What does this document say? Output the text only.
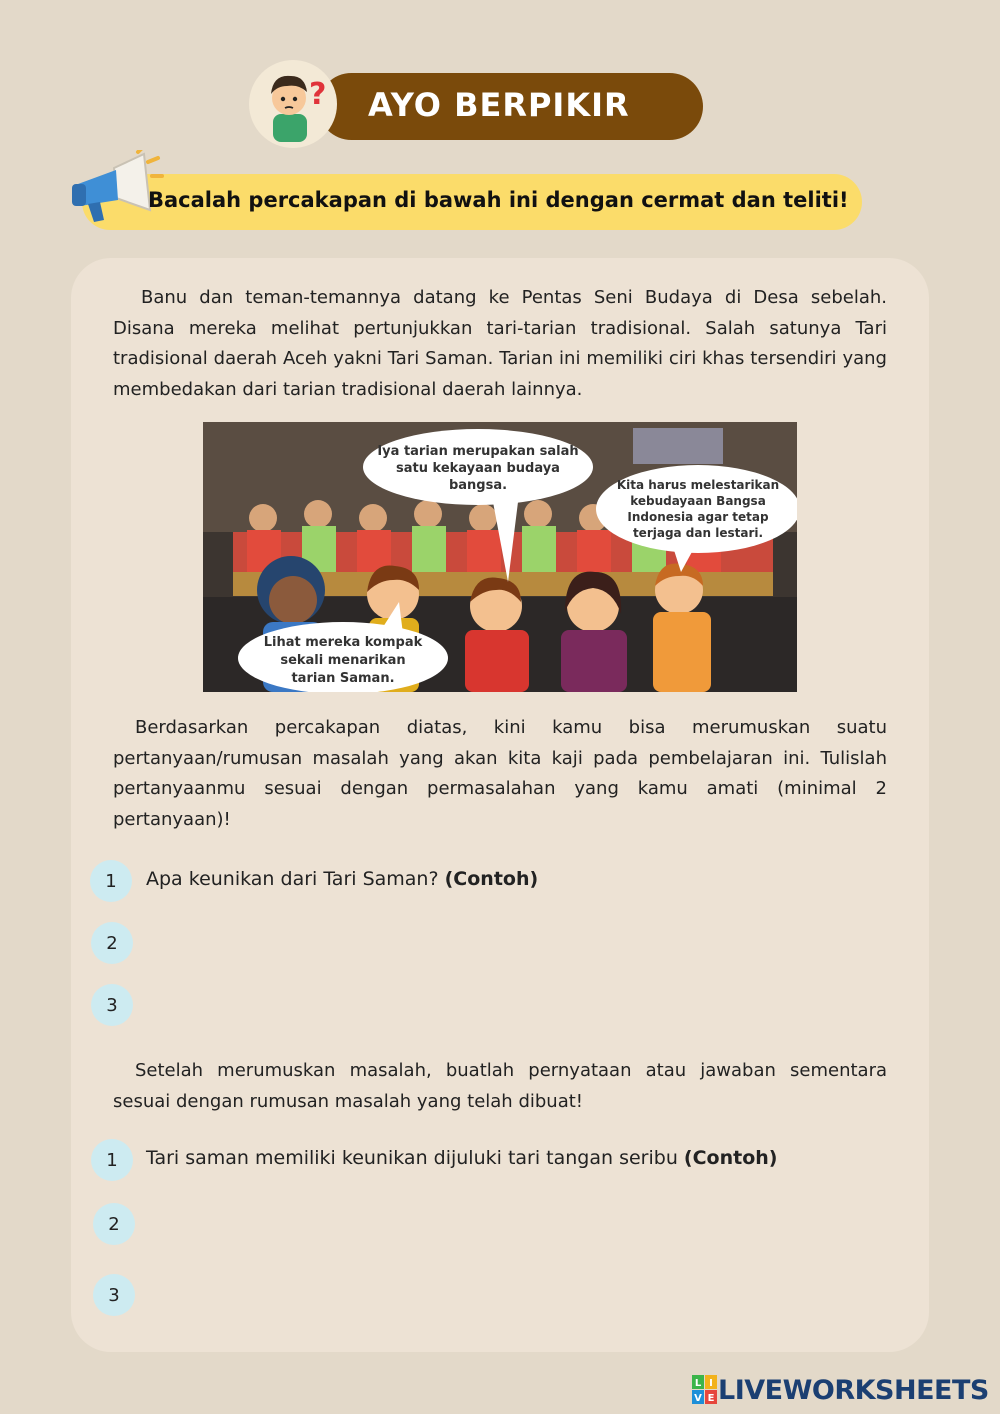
AYO BERPIKIR
?
Bacalah percakapan di bawah ini dengan cermat dan teliti!
Banu dan teman-temannya datang ke Pentas Seni Budaya di Desa sebelah. Disana mereka melihat pertunjukkan tari-tarian tradisional. Salah satunya Tari tradisional daerah Aceh yakni Tari Saman. Tarian ini memiliki ciri khas tersendiri yang membedakan dari tarian tradisional daerah lainnya.
Iya tarian merupakan salah
satu kekayaan budaya
bangsa.	Kita harus melestarikan
kebudayaan Bangsa
Indonesia agar tetap
terjaga dan lestari.
Lihat mereka kompak
sekali menarikan
tarian Saman.
Berdasarkan percakapan diatas, kini kamu bisa merumuskan suatu pertanyaan/rumusan masalah yang akan kita kaji pada pembelajaran ini. Tulislah pertanyaanmu sesuai dengan permasalahan yang kamu amati (minimal 2 pertanyaan)!
1	Apa keunikan dari Tari Saman? (Contoh)
2
3
Setelah merumuskan masalah, buatlah pernyataan atau jawaban sementara sesuai dengan rumusan masalah yang telah dibuat!
1	Tari saman memiliki keunikan dijuluki tari tangan seribu (Contoh)
2
3
L I
V E LIVEWORKSHEETS
